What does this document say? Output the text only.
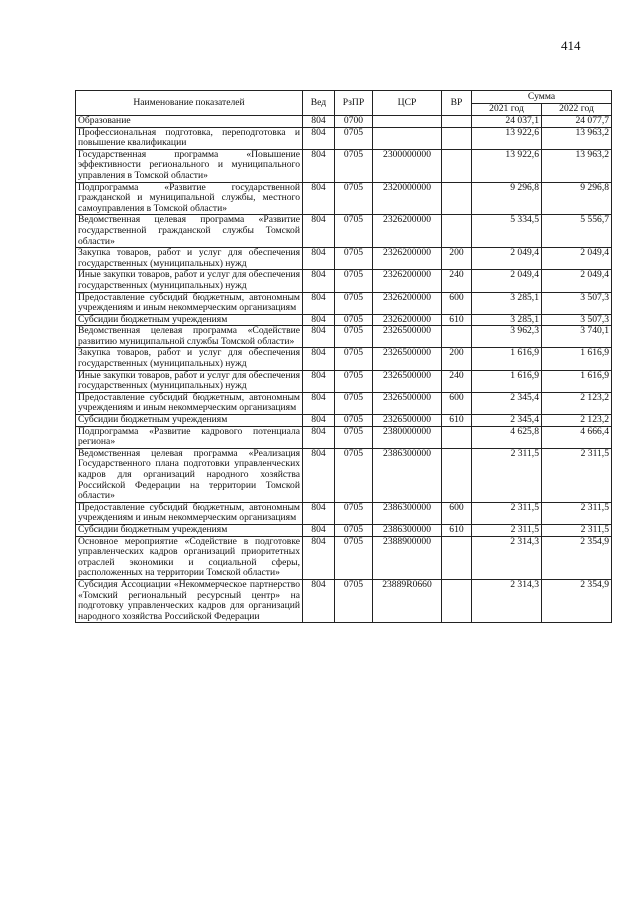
414
Наименование показателей	Вед	РзПР	ЦСР	ВР	Сумма	
					2021 год	2022 год
Образование	804	0700			24 037,1	24 077,7
Профессиональная подготовка, переподготовка и повышение квалификации	804	0705			13 922,6	13 963,2
Государственная программа «Повышение эффективности регионального и муниципального управления в Томской области»	804	0705	2300000000		13 922,6	13 963,2
Подпрограмма «Развитие государственной гражданской и муниципальной службы, местного самоуправления в Томской области»	804	0705	2320000000		9 296,8	9 296,8
Ведомственная целевая программа «Развитие государственной гражданской службы Томской области»	804	0705	2326200000		5 334,5	5 556,7
Закупка товаров, работ и услуг для обеспечения государственных (муниципальных) нужд	804	0705	2326200000	200	2 049,4	2 049,4
Иные закупки товаров, работ и услуг для обеспечения государственных (муниципальных) нужд	804	0705	2326200000	240	2 049,4	2 049,4
Предоставление субсидий бюджетным, автономным учреждениям и иным некоммерческим организациям	804	0705	2326200000	600	3 285,1	3 507,3
Субсидии бюджетным учреждениям	804	0705	2326200000	610	3 285,1	3 507,3
Ведомственная целевая программа «Содействие развитию муниципальной службы Томской области»	804	0705	2326500000		3 962,3	3 740,1
Закупка товаров, работ и услуг для обеспечения государственных (муниципальных) нужд	804	0705	2326500000	200	1 616,9	1 616,9
Иные закупки товаров, работ и услуг для обеспечения государственных (муниципальных) нужд	804	0705	2326500000	240	1 616,9	1 616,9
Предоставление субсидий бюджетным, автономным учреждениям и иным некоммерческим организациям	804	0705	2326500000	600	2 345,4	2 123,2
Субсидии бюджетным учреждениям	804	0705	2326500000	610	2 345,4	2 123,2
Подпрограмма «Развитие кадрового потенциала региона»	804	0705	2380000000		4 625,8	4 666,4
Ведомственная целевая программа «Реализация Государственного плана подготовки управленческих кадров для организаций народного хозяйства Российской Федерации на территории Томской области»	804	0705	2386300000		2 311,5	2 311,5
Предоставление субсидий бюджетным, автономным учреждениям и иным некоммерческим организациям	804	0705	2386300000	600	2 311,5	2 311,5
Субсидии бюджетным учреждениям	804	0705	2386300000	610	2 311,5	2 311,5
Основное мероприятие «Содействие в подготовке управленческих кадров организаций приоритетных отраслей экономики и социальной сферы, расположенных на территории Томской области»	804	0705	2388900000		2 314,3	2 354,9
Субсидия Ассоциации «Некоммерческое партнерство «Томский региональный ресурсный центр» на подготовку управленческих кадров для организаций народного хозяйства Российской Федерации	804	0705	23889R0660		2 314,3	2 354,9
